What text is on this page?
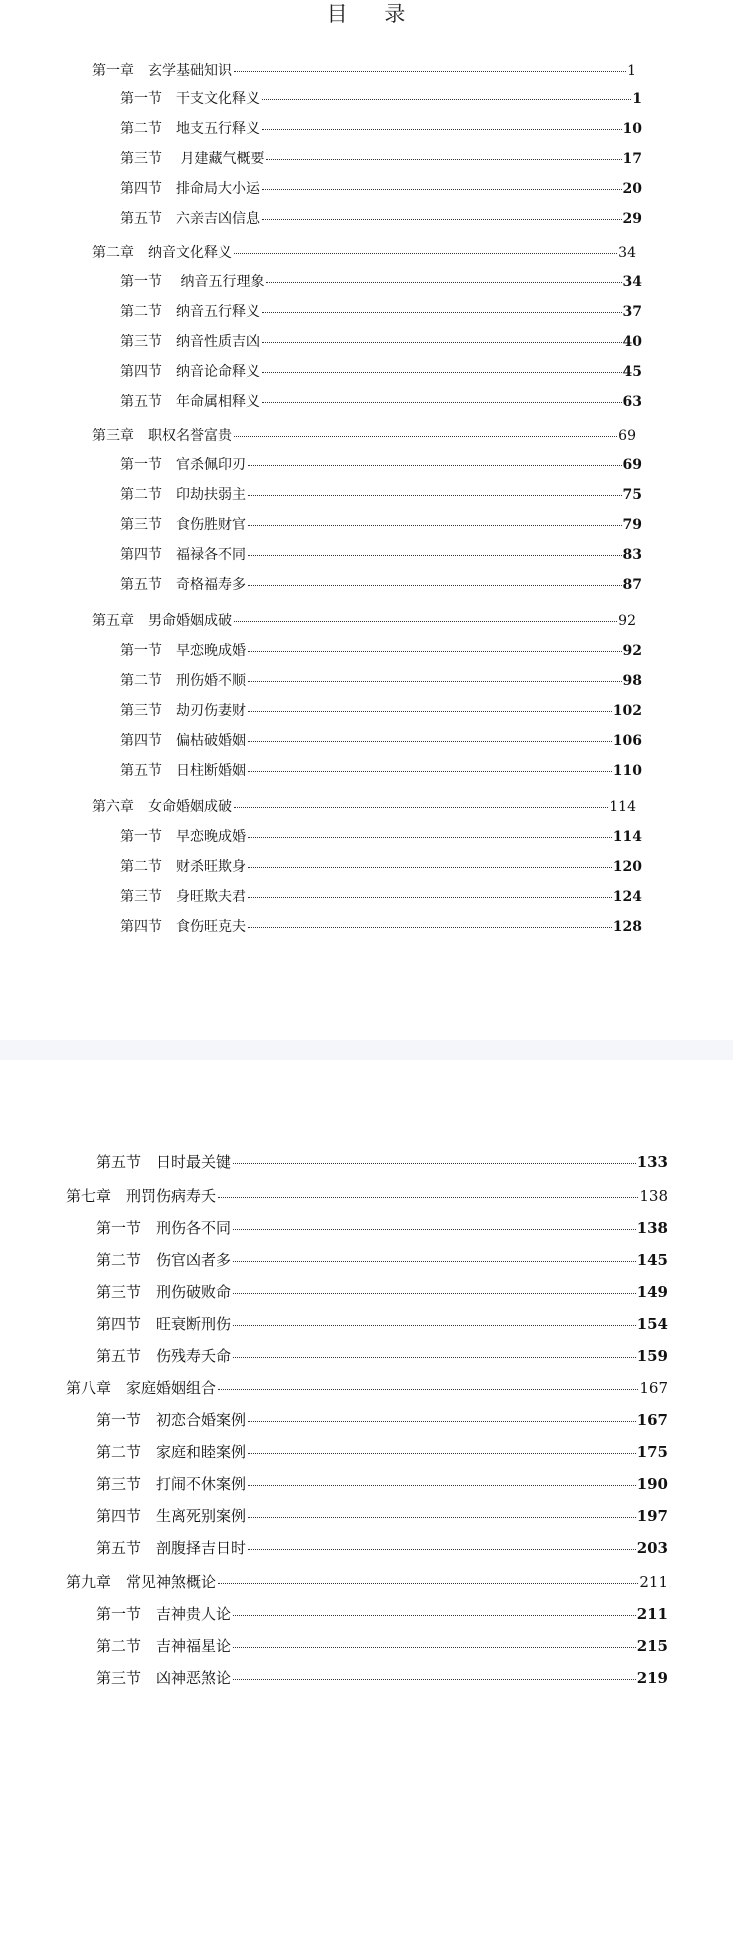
目 录
第一章　玄学基础知识	1
第一节　干支文化释义	1
第二节　地支五行释义	10
第三节　 月建藏气概要	17
第四节　排命局大小运	20
第五节　六亲吉凶信息	29
第二章　纳音文化释义	34
第一节　 纳音五行理象	34
第二节　纳音五行释义	37
第三节　纳音性质吉凶	40
第四节　纳音论命释义	45
第五节　年命属相释义	63
第三章　职权名誉富贵	69
第一节　官杀佩印刃	69
第二节　印劫扶弱主	75
第三节　食伤胜财官	79
第四节　福禄各不同	83
第五节　奇格福寿多	87
第五章　男命婚姻成破	92
第一节　早恋晚成婚	92
第二节　刑伤婚不顺	98
第三节　劫刃伤妻财	102
第四节　偏枯破婚姻	106
第五节　日柱断婚姻	110
第六章　女命婚姻成破	114
第一节　早恋晚成婚	114
第二节　财杀旺欺身	120
第三节　身旺欺夫君	124
第四节　食伤旺克夫	128
第五节　日时最关键	133
第七章　刑罚伤病寿夭	138
第一节　刑伤各不同	138
第二节　伤官凶者多	145
第三节　刑伤破败命	149
第四节　旺衰断刑伤	154
第五节　伤残寿夭命	159
第八章　家庭婚姻组合	167
第一节　初恋合婚案例	167
第二节　家庭和睦案例	175
第三节　打闹不休案例	190
第四节　生离死别案例	197
第五节　剖腹择吉日时	203
第九章　常见神煞概论	211
第一节　吉神贵人论	211
第二节　吉神福星论	215
第三节　凶神恶煞论	219
